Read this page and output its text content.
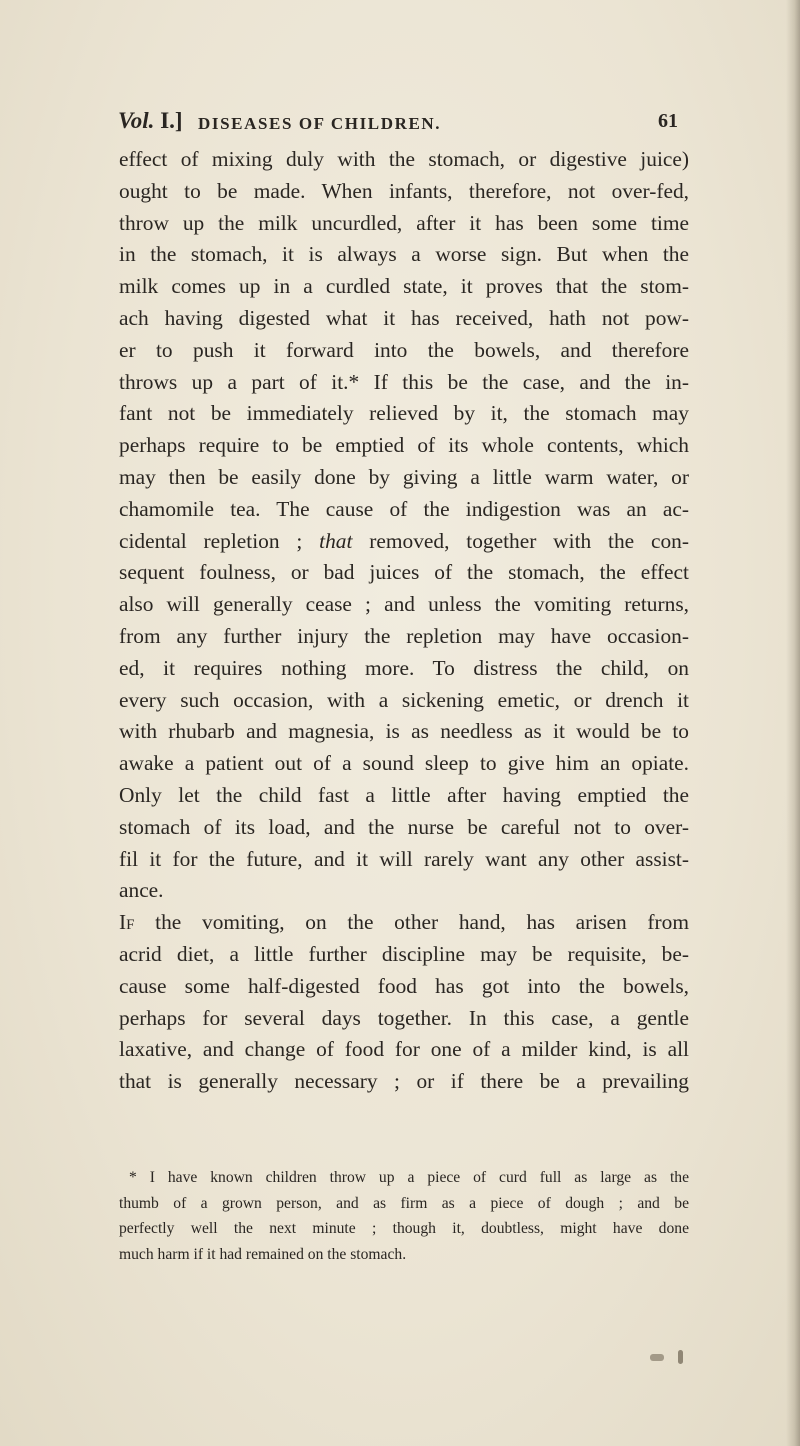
Vol. I.] DISEASES OF CHILDREN.	61
effect of mixing duly with the stomach, or digestive juice)
ought to be made. When infants, therefore, not over-fed,
throw up the milk uncurdled, after it has been some time
in the stomach, it is always a worse sign. But when the
milk comes up in a curdled state, it proves that the stom-
ach having digested what it has received, hath not pow-
er to push it forward into the bowels, and therefore
throws up a part of it.* If this be the case, and the in-
fant not be immediately relieved by it, the stomach may
perhaps require to be emptied of its whole contents, which
may then be easily done by giving a little warm water, or
chamomile tea. The cause of the indigestion was an ac-
cidental repletion ; that removed, together with the con-
sequent foulness, or bad juices of the stomach, the effect
also will generally cease ; and unless the vomiting returns,
from any further injury the repletion may have occasion-
ed, it requires nothing more. To distress the child, on
every such occasion, with a sickening emetic, or drench it
with rhubarb and magnesia, is as needless as it would be to
awake a patient out of a sound sleep to give him an opiate.
Only let the child fast a little after having emptied the
stomach of its load, and the nurse be careful not to over-
fil it for the future, and it will rarely want any other assist-
ance.
If the vomiting, on the other hand, has arisen from
acrid diet, a little further discipline may be requisite, be-
cause some half-digested food has got into the bowels,
perhaps for several days together. In this case, a gentle
laxative, and change of food for one of a milder kind, is all
that is generally necessary ; or if there be a prevailing
* I have known children throw up a piece of curd full as large as the
thumb of a grown person, and as firm as a piece of dough ; and be
perfectly well the next minute ; though it, doubtless, might have done
much harm if it had remained on the stomach.
